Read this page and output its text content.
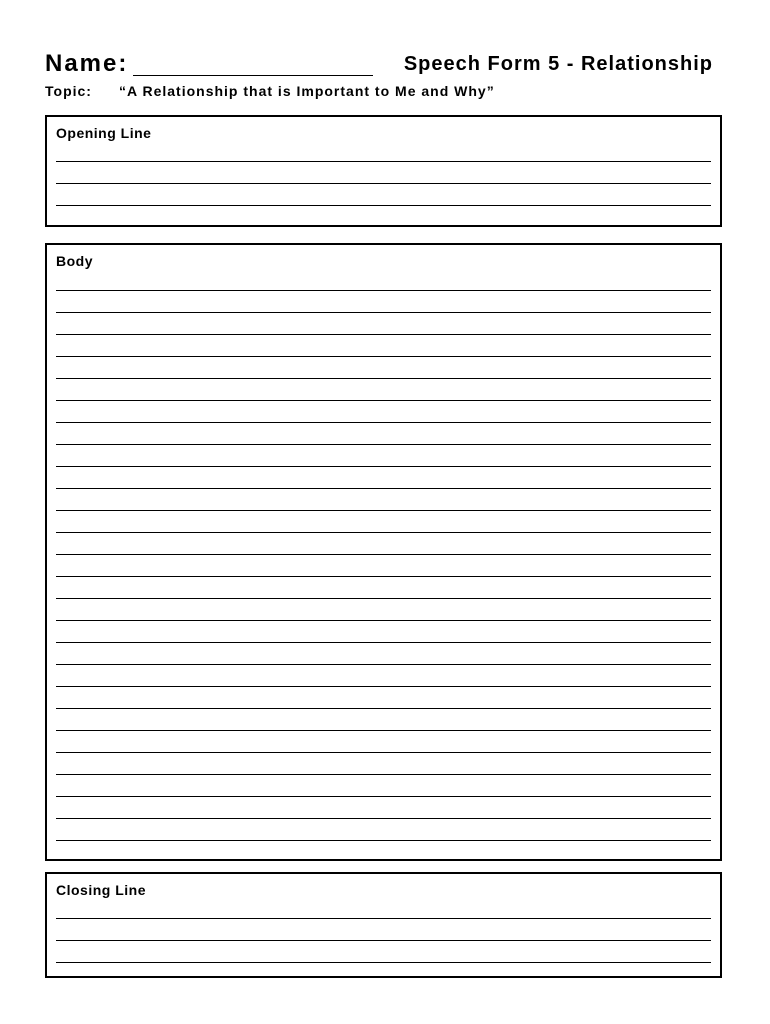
Name:	Speech Form 5 - Relationship
Topic: “A Relationship that is Important to Me and Why”
Opening Line
Body
Closing Line
